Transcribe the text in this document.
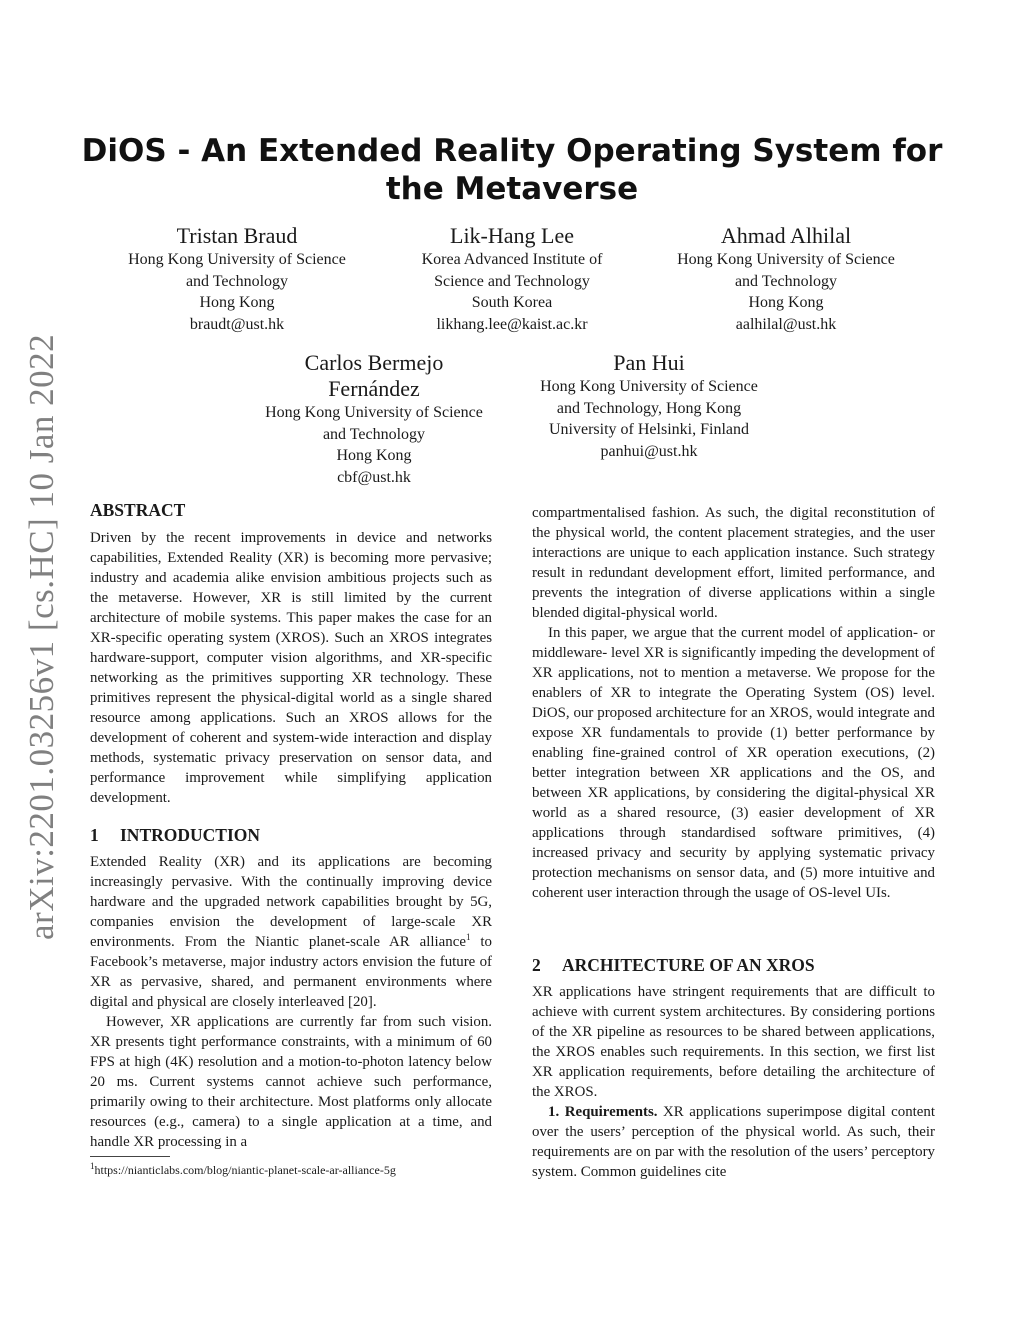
arXiv:2201.03256v1 [cs.HC] 10 Jan 2022
DiOS - An Extended Reality Operating System for the Metaverse
Tristan Braud
Hong Kong University of Science
and Technology
Hong Kong
braudt@ust.hk
Lik-Hang Lee
Korea Advanced Institute of
Science and Technology
South Korea
likhang.lee@kaist.ac.kr
Ahmad Alhilal
Hong Kong University of Science
and Technology
Hong Kong
aalhilal@ust.hk
Carlos Bermejo
Fernández
Hong Kong University of Science
and Technology
Hong Kong
cbf@ust.hk
Pan Hui
Hong Kong University of Science
and Technology, Hong Kong
University of Helsinki, Finland
panhui@ust.hk
ABSTRACT

Driven by the recent improvements in device and networks capabilities, Extended Reality (XR) is becoming more pervasive; industry and academia alike envision ambitious projects such as the metaverse. However, XR is still limited by the current architecture of mobile systems. This paper makes the case for an XR-specific operating system (XROS). Such an XROS integrates hardware-support, computer vision algorithms, and XR-specific networking as the primitives supporting XR technology. These primitives represent the physical-digital world as a single shared resource among applications. Such an XROS allows for the development of coherent and system-wide interaction and display methods, systematic privacy preservation on sensor data, and performance improvement while simplifying application development.

1 INTRODUCTION

Extended Reality (XR) and its applications are becoming increasingly pervasive. With the continually improving device hardware and the upgraded network capabilities brought by 5G, companies envision the development of large-scale XR environments. From the Niantic planet-scale AR alliance$^1$ to Facebook’s metaverse, major industry actors envision the future of XR as pervasive, shared, and permanent environments where digital and physical are closely interleaved [20].

However, XR applications are currently far from such vision. XR presents tight performance constraints, with a minimum of 60 FPS at high (4K) resolution and a motion-to-photon latency below 20 ms. Current systems cannot achieve such performance, primarily owing to their architecture. Most platforms only allocate resources (e.g., camera) to a single application at a time, and handle XR processing in a

$^1$https://nianticlabs.com/blog/niantic-planet-scale-ar-alliance-5g

compartmentalised fashion. As such, the digital reconstitution of the physical world, the content placement strategies, and the user interactions are unique to each application instance. Such strategy result in redundant development effort, limited performance, and prevents the integration of diverse applications within a single blended digital-physical world.

In this paper, we argue that the current model of application- or middleware- level XR is significantly impeding the development of XR applications, not to mention a metaverse. We propose for the enablers of XR to integrate the Operating System (OS) level. DiOS, our proposed architecture for an XROS, would integrate and expose XR fundamentals to provide (1) better performance by enabling fine-grained control of XR operation executions, (2) better integration between XR applications and the OS, and between XR applications, by considering the digital-physical XR world as a shared resource, (3) easier development of XR applications through standardised software primitives, (4) increased privacy and security by applying systematic privacy protection mechanisms on sensor data, and (5) more intuitive and coherent user interaction through the usage of OS-level UIs.

2 ARCHITECTURE OF AN XROS

XR applications have stringent requirements that are difficult to achieve with current system architectures. By considering portions of the XR pipeline as resources to be shared between applications, the XROS enables such requirements. In this section, we first list XR application requirements, before detailing the architecture of the XROS.

1. Requirements. XR applications superimpose digital content over the users’ perception of the physical world. As such, their requirements are on par with the resolution of the users’ perceptory system. Common guidelines cite
